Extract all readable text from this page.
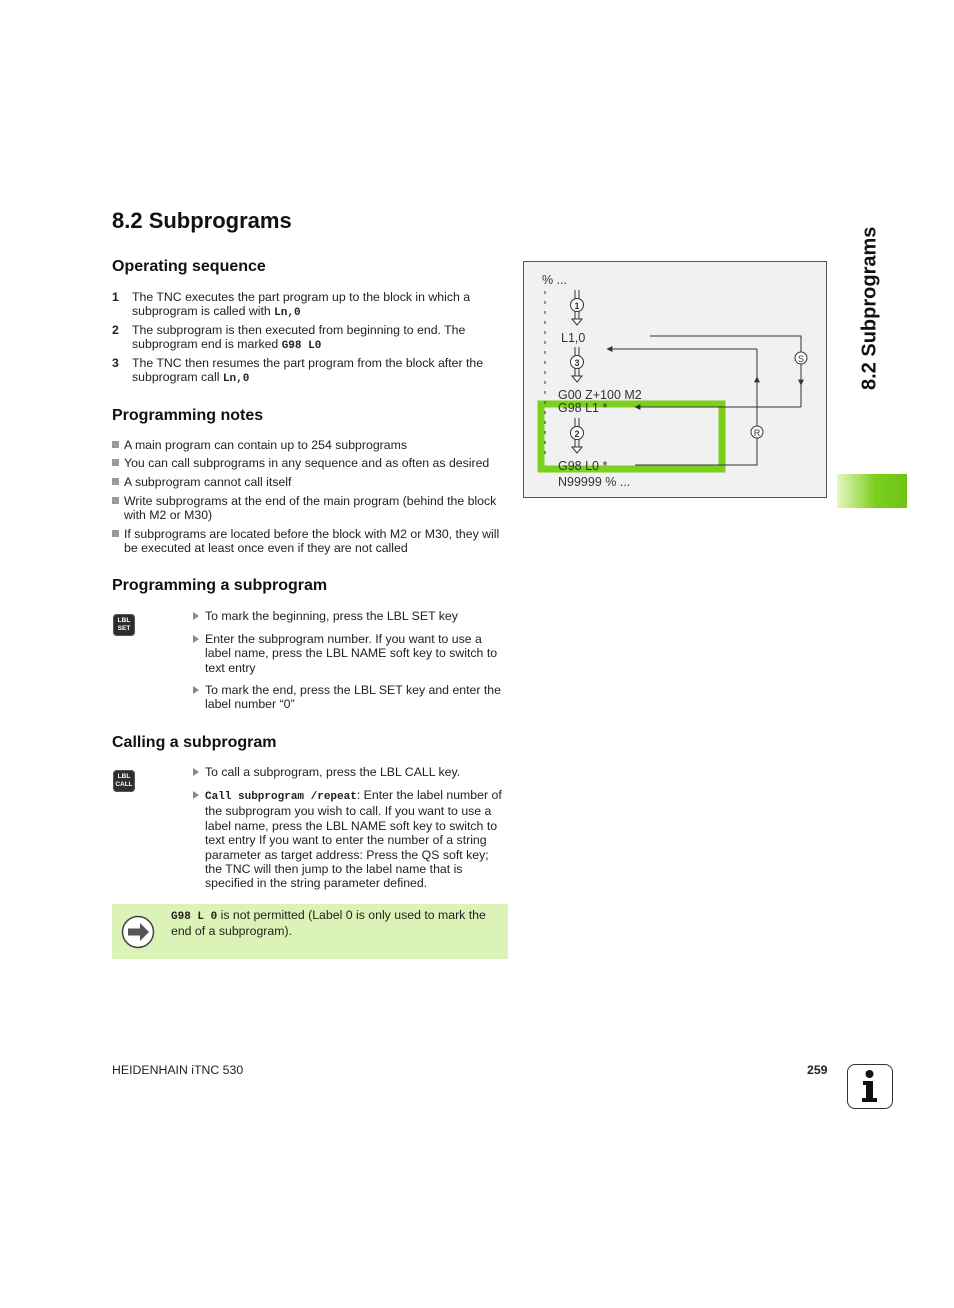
8.2 Subprograms
Operating sequence
1 The TNC executes the part program up to the block in which a subprogram is called with Ln,0
2 The subprogram is then executed from beginning to end. The subprogram end is marked G98 L0
3 The TNC then resumes the part program from the block after the subprogram call Ln,0
Programming notes
A main program can contain up to 254 subprograms
You can call subprograms in any sequence and as often as desired
A subprogram cannot call itself
Write subprograms at the end of the main program (behind the block with M2 or M30)
If subprograms are located before the block with M2 or M30, they will be executed at least once even if they are not called
Programming a subprogram
LBL
SET
To mark the beginning, press the LBL SET key
Enter the subprogram number. If you want to use a label name, press the LBL NAME soft key to switch to text entry
To mark the end, press the LBL SET key and enter the label number “0”
Calling a subprogram
LBL
CALL
To call a subprogram, press the LBL CALL key.
Call subprogram /repeat: Enter the label number of the subprogram you wish to call. If you want to use a label name, press the LBL NAME soft key to switch to text entry If you want to enter the number of a string parameter as target address: Press the QS soft key; the TNC will then jump to the label name that is specified in the string parameter defined.
G98 L 0 is not permitted (Label 0 is only used to mark the end of a subprogram).
% ...
L1,0
G00 Z+100 M2
G98 L1 *
G98 L0 *
N99999 % ...
1
3
2
S
R
8.2 Subprograms
HEIDENHAIN iTNC 530	259
